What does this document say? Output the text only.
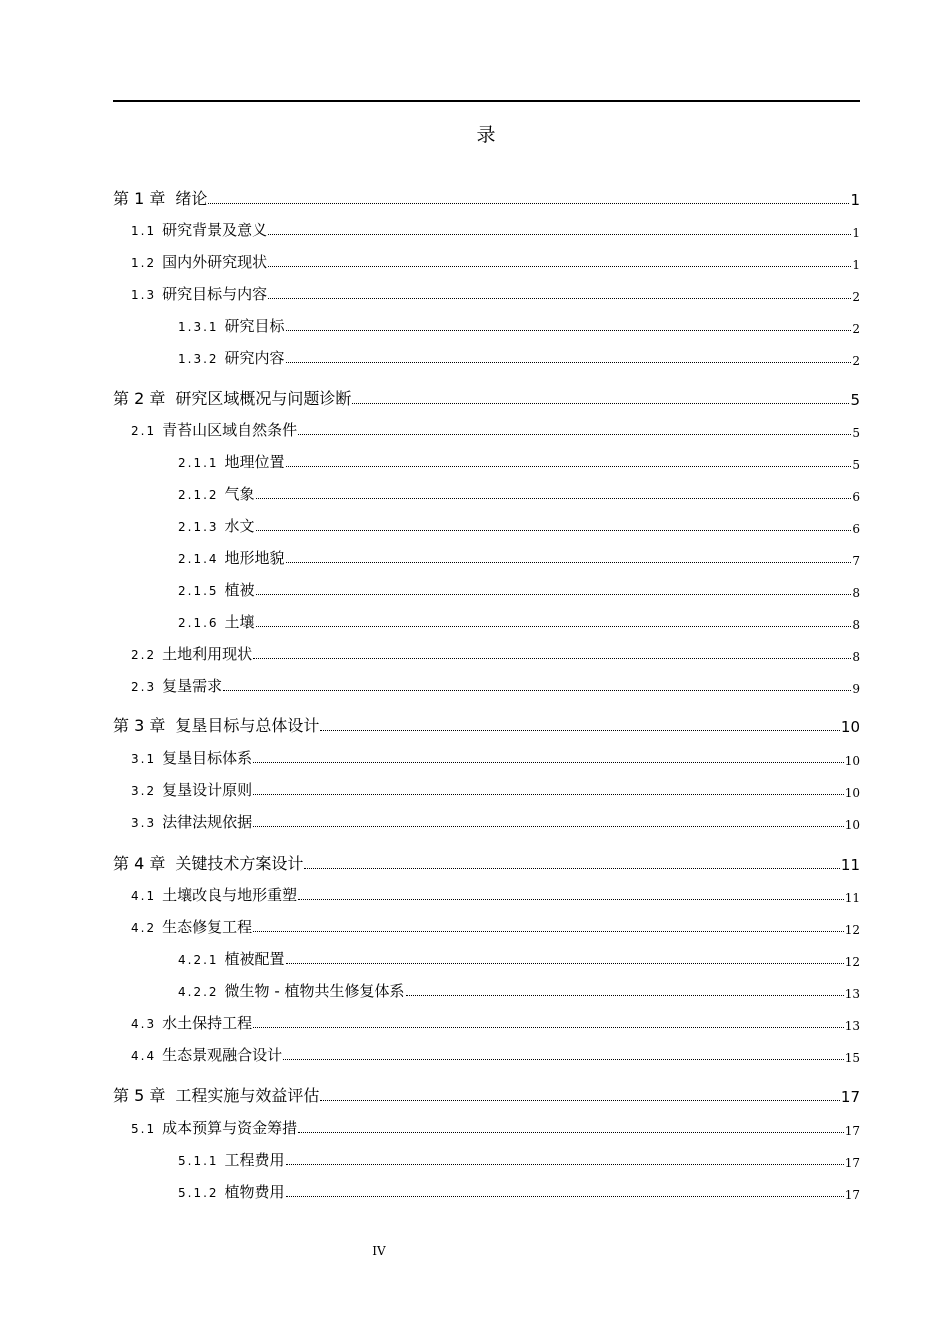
录
第 1 章 绪论	1
1.1 研究背景及意义	1
1.2 国内外研究现状	1
1.3 研究目标与内容	2
1.3.1 研究目标	2
1.3.2 研究内容	2
第 2 章 研究区域概况与问题诊断	5
2.1 青苔山区域自然条件	5
2.1.1 地理位置	5
2.1.2 气象	6
2.1.3 水文	6
2.1.4 地形地貌	7
2.1.5 植被	8
2.1.6 土壤	8
2.2 土地利用现状	8
2.3 复垦需求	9
第 3 章 复垦目标与总体设计	10
3.1 复垦目标体系	10
3.2 复垦设计原则	10
3.3 法律法规依据	10
第 4 章 关键技术方案设计	11
4.1 土壤改良与地形重塑	11
4.2 生态修复工程	12
4.2.1 植被配置	12
4.2.2 微生物 - 植物共生修复体系	13
4.3 水土保持工程	13
4.4 生态景观融合设计	15
第 5 章 工程实施与效益评估	17
5.1 成本预算与资金筹措	17
5.1.1 工程费用	17
5.1.2 植物费用	17
IV
